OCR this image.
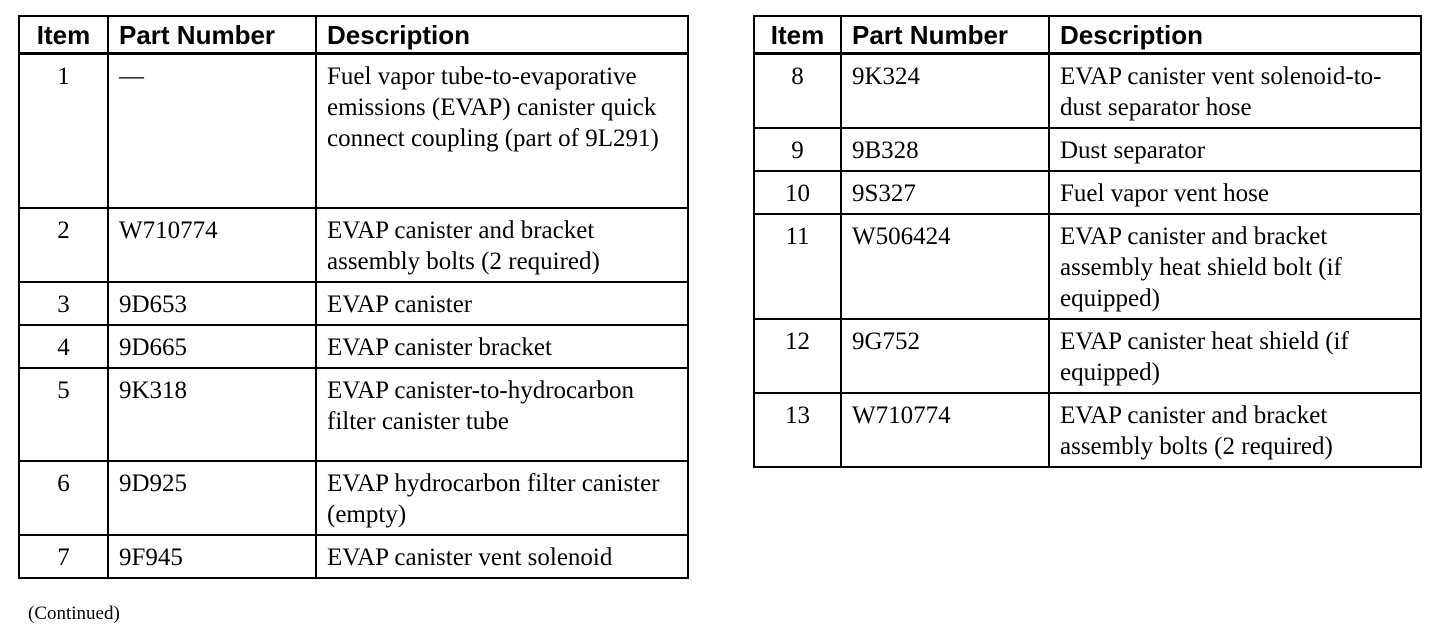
Item	Part Number	Description
1	—	Fuel vapor tube-to-evaporative emissions (EVAP) canister quick connect coupling (part of 9L291)
2	W710774	EVAP canister and bracket assembly bolts (2 required)
3	9D653	EVAP canister
4	9D665	EVAP canister bracket
5	9K318	EVAP canister-to-hydrocarbon filter canister tube
6	9D925	EVAP hydrocarbon filter canister (empty)
7	9F945	EVAP canister vent solenoid
Item	Part Number	Description
8	9K324	EVAP canister vent solenoid-to-dust separator hose
9	9B328	Dust separator
10	9S327	Fuel vapor vent hose
11	W506424	EVAP canister and bracket assembly heat shield bolt (if equipped)
12	9G752	EVAP canister heat shield (if equipped)
13	W710774	EVAP canister and bracket assembly bolts (2 required)
(Continued)
